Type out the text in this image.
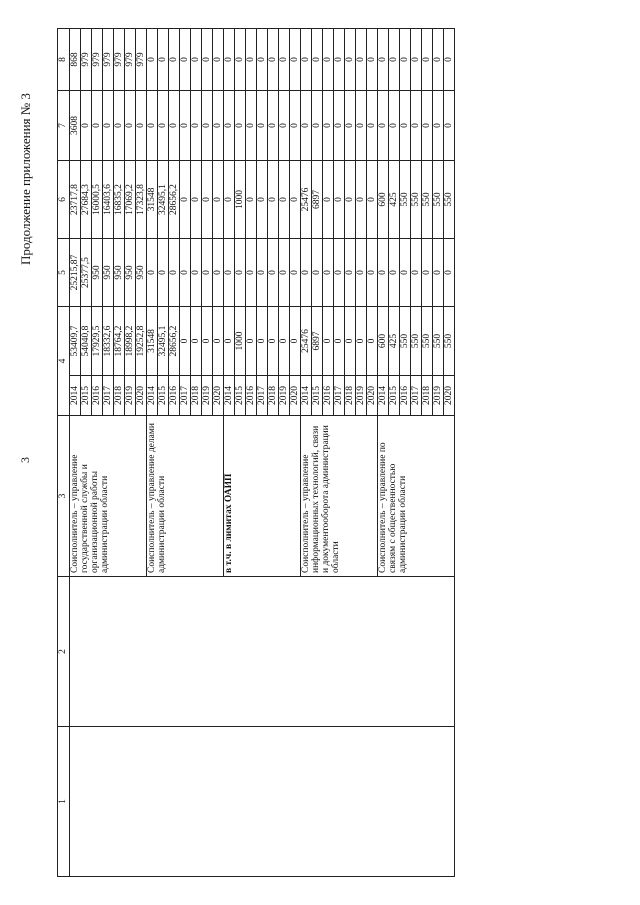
3
Продолжение приложения № 3
1	2	3	4		5	6	7	8
		Соисполнитель – управление государственной службы и организационной работы администрации области	2014	53409,7	25215,87	23717,8	3608	868
			2015	54040,8	25377,5	27684,3	0	979
			2016	17929,5	950	16000,5	0	979
			2017	18332,6	950	16403,6	0	979
			2018	18764,2	950	16835,2	0	979
			2019	18998,2	950	17069,2	0	979
			2020	19252,8	950	17323,8	0	979
		Соисполнитель – управление делами администрации области	2014	31548	0	31548	0	0
			2015	32495,1	0	32495,1	0	0
			2016	28656,2	0	28656,2	0	0
			2017	0	0	0	0	0
			2018	0	0	0	0	0
			2019	0	0	0	0	0
			2020	0	0	0	0	0
		в т.ч. в лимитах ОАИП	2014	0	0	0	0	0
			2015	1000	0	1000	0	0
			2016	0	0	0	0	0
			2017	0	0	0	0	0
			2018	0	0	0	0	0
			2019	0	0	0	0	0
			2020	0	0	0	0	0
		Соисполнитель – управление информационных технологий, связи и документооборота администрации области	2014	25476	0	25476	0	0
			2015	6897	0	6897	0	0
			2016	0	0	0	0	0
			2017	0	0	0	0	0
			2018	0	0	0	0	0
			2019	0	0	0	0	0
			2020	0	0	0	0	0
		Соисполнитель – управление по связям с общественностью администрации области	2014	600	0	600	0	0
			2015	425	0	425	0	0
			2016	550	0	550	0	0
			2017	550	0	550	0	0
			2018	550	0	550	0	0
			2019	550	0	550	0	0
			2020	550	0	550	0	0
